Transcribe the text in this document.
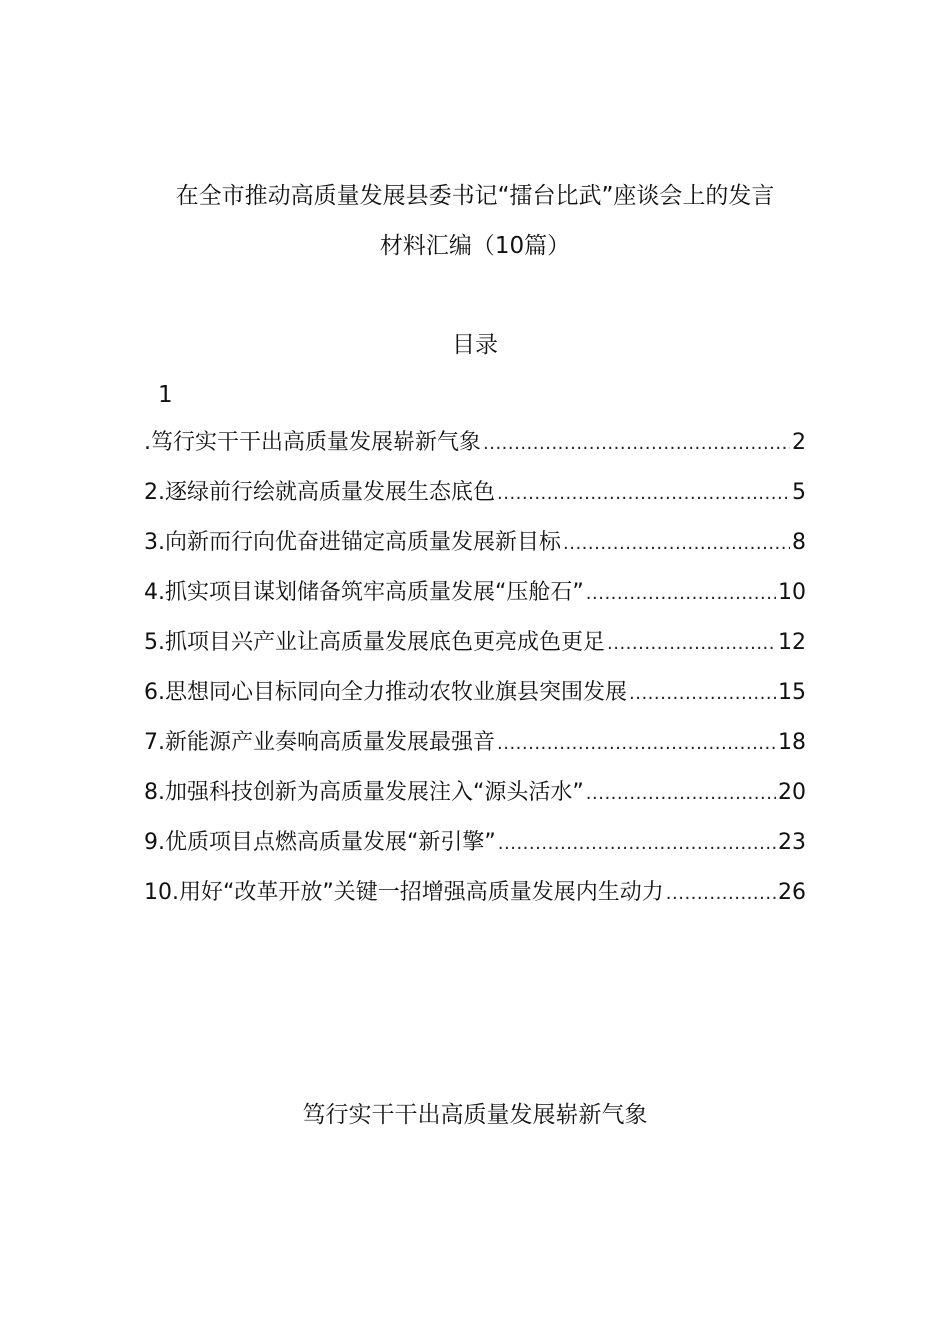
在全市推动高质量发展县委书记“擂台比武”座谈会上的发言
材料汇编（10篇）
目录
1
.笃行实干干出高质量发展崭新气象 .....	2
2.逐绿前行绘就高质量发展生态底色 .....	5
3.向新而行向优奋进锚定高质量发展新目标 .....	8
4.抓实项目谋划储备筑牢高质量发展“压舱石” .....	10
5.抓项目兴产业让高质量发展底色更亮成色更足 .....	12
6.思想同心目标同向全力推动农牧业旗县突围发展 .....	15
7.新能源产业奏响高质量发展最强音 .....	18
8.加强科技创新为高质量发展注入“源头活水” .....	20
9.优质项目点燃高质量发展“新引擎” .....	23
10.用好“改革开放”关键一招增强高质量发展内生动力 .....	26
笃行实干干出高质量发展崭新气象
